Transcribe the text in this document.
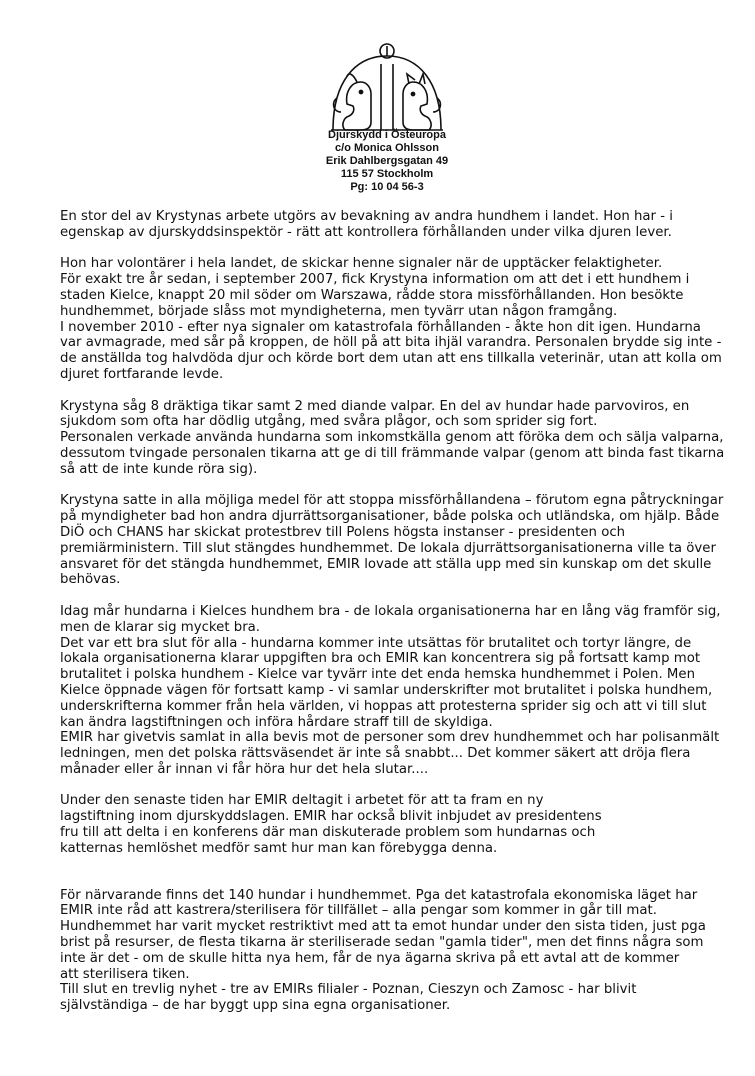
Djurskydd i Östeuropa
c/o Monica Ohlsson
Erik Dahlbergsgatan 49
115 57 Stockholm
Pg: 10 04 56-3

En stor del av Krystynas arbete utgörs av bevakning av andra hundhem i landet. Hon har - i
egenskap av djurskyddsinspektör - rätt att kontrollera förhållanden under vilka djuren lever.

Hon har volontärer i hela landet, de skickar henne signaler när de upptäcker felaktigheter.
För exakt tre år sedan, i september 2007, fick Krystyna information om att det i ett hundhem i
staden Kielce, knappt 20 mil söder om Warszawa, rådde stora missförhållanden. Hon besökte
hundhemmet, började slåss mot myndigheterna, men tyvärr utan någon framgång.
I november 2010 - efter nya signaler om katastrofala förhållanden - åkte hon dit igen. Hundarna
var avmagrade, med sår på kroppen, de höll på att bita ihjäl varandra. Personalen brydde sig inte -
de anställda tog halvdöda djur och körde bort dem utan att ens tillkalla veterinär, utan att kolla om
djuret fortfarande levde.

Krystyna såg 8 dräktiga tikar samt 2 med diande valpar. En del av hundar hade parvoviros, en
sjukdom som ofta har dödlig utgång, med svåra plågor, och som sprider sig fort.
Personalen verkade använda hundarna som inkomstkälla genom att föröka dem och sälja valparna,
dessutom tvingade personalen tikarna att ge di till främmande valpar (genom att binda fast tikarna
så att de inte kunde röra sig).

Krystyna satte in alla möjliga medel för att stoppa missförhållandena – förutom egna påtryckningar
på myndigheter bad hon andra djurrättsorganisationer, både polska och utländska, om hjälp. Både
DiÖ och CHANS har skickat protestbrev till Polens högsta instanser - presidenten och
premiärministern. Till slut stängdes hundhemmet. De lokala djurrättsorganisationerna ville ta över
ansvaret för det stängda hundhemmet, EMIR lovade att ställa upp med sin kunskap om det skulle
behövas.

Idag mår hundarna i Kielces hundhem bra - de lokala organisationerna har en lång väg framför sig,
men de klarar sig mycket bra.
Det var ett bra slut för alla - hundarna kommer inte utsättas för brutalitet och tortyr längre, de
lokala organisationerna klarar uppgiften bra och EMIR kan koncentrera sig på fortsatt kamp mot
brutalitet i polska hundhem - Kielce var tyvärr inte det enda hemska hundhemmet i Polen. Men
Kielce öppnade vägen för fortsatt kamp - vi samlar underskrifter mot brutalitet i polska hundhem,
underskrifterna kommer från hela världen, vi hoppas att protesterna sprider sig och att vi till slut
kan ändra lagstiftningen och införa hårdare straff till de skyldiga.
EMIR har givetvis samlat in alla bevis mot de personer som drev hundhemmet och har polisanmält
ledningen, men det polska rättsväsendet är inte så snabbt... Det kommer säkert att dröja flera
månader eller år innan vi får höra hur det hela slutar....

Under den senaste tiden har EMIR deltagit i arbetet för att ta fram en ny
lagstiftning inom djurskyddslagen. EMIR har också blivit inbjudet av presidentens
fru till att delta i en konferens där man diskuterade problem som hundarnas och
katternas hemlöshet medför samt hur man kan förebygga denna.

För närvarande finns det 140 hundar i hundhemmet. Pga det katastrofala ekonomiska läget har
EMIR inte råd att kastrera/sterilisera för tillfället – alla pengar som kommer in går till mat.
Hundhemmet har varit mycket restriktivt med att ta emot hundar under den sista tiden, just pga
brist på resurser, de flesta tikarna är steriliserade sedan "gamla tider", men det finns några som
inte är det - om de skulle hitta nya hem, får de nya ägarna skriva på ett avtal att de kommer
att sterilisera tiken.
Till slut en trevlig nyhet - tre av EMIRs filialer - Poznan, Cieszyn och Zamosc - har blivit
självständiga – de har byggt upp sina egna organisationer.
